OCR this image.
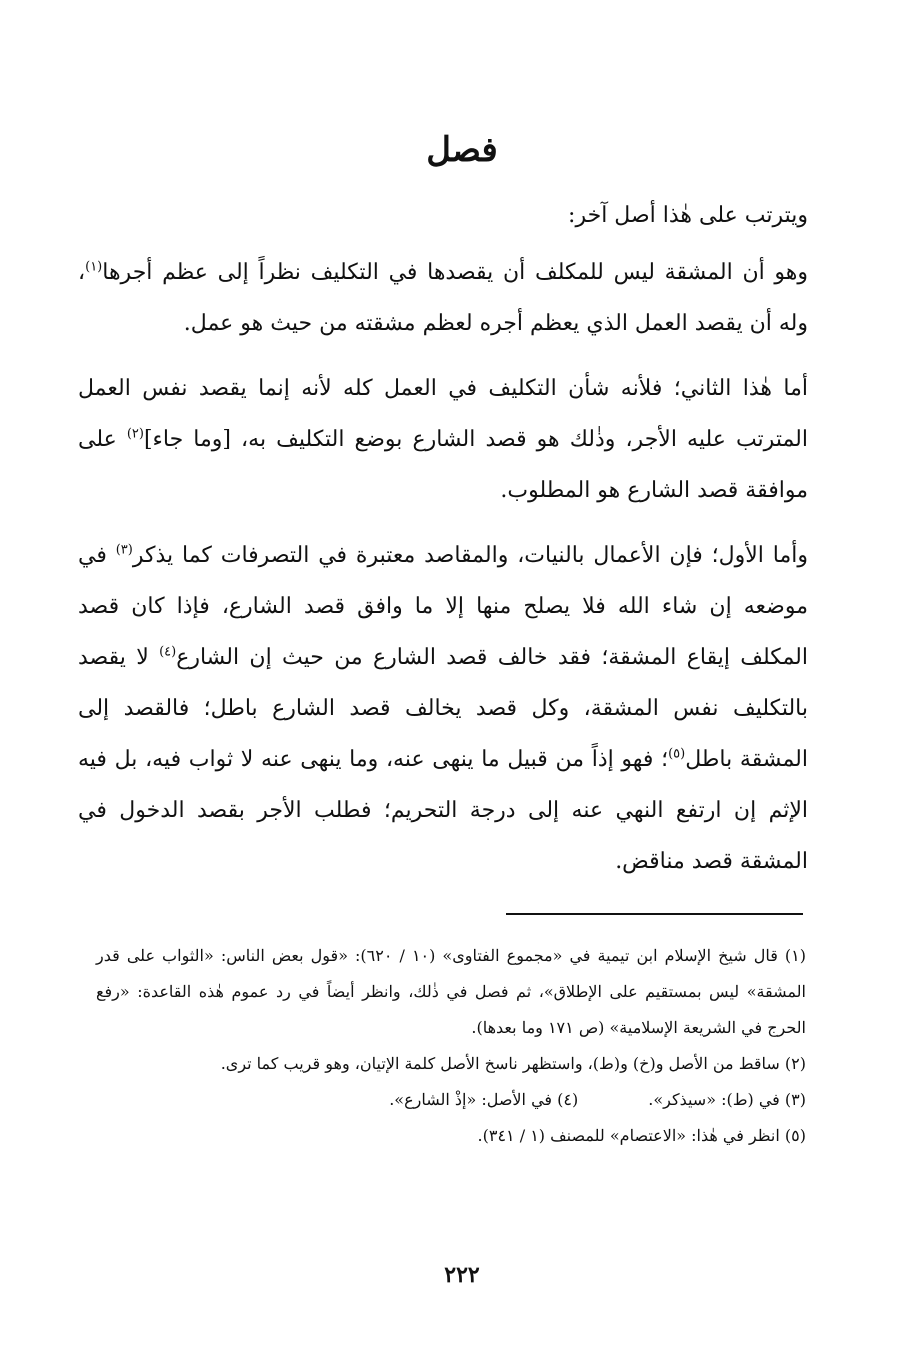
فصل

ويترتب على هٰذا أصل آخر:

وهو أن المشقة ليس للمكلف أن يقصدها في التكليف نظراً إلى عظم أجرها$^{(١)}$، وله أن يقصد العمل الذي يعظم أجره لعظم مشقته من حيث هو عمل.

أما هٰذا الثاني؛ فلأنه شأن التكليف في العمل كله لأنه إنما يقصد نفس العمل المترتب عليه الأجر، وذٰلك هو قصد الشارع بوضع التكليف به، [وما جاء]$^{(٢)}$ على موافقة قصد الشارع هو المطلوب.

وأما الأول؛ فإن الأعمال بالنيات، والمقاصد معتبرة في التصرفات كما يذكر$^{(٣)}$ في موضعه إن شاء الله فلا يصلح منها إلا ما وافق قصد الشارع، فإذا كان قصد المكلف إيقاع المشقة؛ فقد خالف قصد الشارع من حيث إن الشارع$^{(٤)}$ لا يقصد بالتكليف نفس المشقة، وكل قصد يخالف قصد الشارع باطل؛ فالقصد إلى المشقة باطل$^{(٥)}$؛ فهو إذاً من قبيل ما ينهى عنه، وما ينهى عنه لا ثواب فيه، بل فيه الإثم إن ارتفع النهي عنه إلى درجة التحريم؛ فطلب الأجر بقصد الدخول في المشقة قصد مناقض.

(١) قال شيخ الإسلام ابن تيمية في «مجموع الفتاوى» (١٠ / ٦٢٠): «قول بعض الناس: «الثواب على قدر المشقة» ليس بمستقيم على الإطلاق»، ثم فصل في ذٰلك، وانظر أيضاً في رد عموم هٰذه القاعدة: «رفع الحرج في الشريعة الإسلامية» (ص ١٧١ وما بعدها).

(٢) ساقط من الأصل و(خ) و(ط)، واستظهر ناسخ الأصل كلمة الإتيان، وهو قريب كما ترى.

(٣) في (ط): «سيذكر».
(٤) في الأصل: «إذْ الشارع».

(٥) انظر في هٰذا: «الاعتصام» للمصنف (١ / ٣٤١).

٢٢٢
